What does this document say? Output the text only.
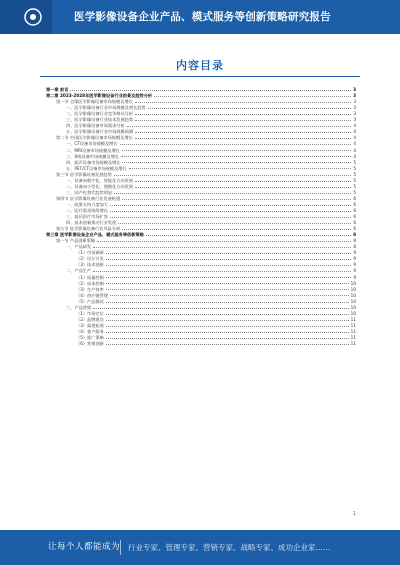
医学影像设备企业产品、模式服务等创新策略研究报告
内容目录
第一章 前言	3
第二章 2023-2028年医学影像设备行业前景及趋势分析	3
第一节 全球医学影像设备市场规模及增长	3
一、医学影像设备行业市场规模及增长趋势	3
二、医学影像设备行业竞争格局分析	3
三、医学影像设备行业技术发展趋势	3
四、医学影像设备市场需求分析	4
五、医学影像设备行业市场规模预测	4
第二节 中国医学影像设备市场规模及增长	4
一、CT设备市场规模及增长	4
二、MRI设备市场规模及增长	4
三、X线设备市场规模及增长	4
四、超声设备市场规模及增长	5
五、PET/CT设备市场规模及增长	5
第三节 医学影像设备发展趋势	5
一、设备向数字化、智能化方向发展	5
二、设备向小型化、便携化方向发展	5
三、国产化替代趋势明显	5
第四节 医学影像设备行业发展机遇	6
一、政策支持力度加大	6
二、医疗需求持续增长	6
三、基层医疗市场扩容	6
四、技术创新推动行业发展	6
第五节 医学影像设备行业风险分析	6
第三章 医学影像设备企业产品、模式服务等创新策略	8
第一节 产品创新策略	8
一、产品研发	8
（1）市场调研	9
（2）设计开发	9
（3）技术创新	9
二、产品生产	9
（1）质量控制	9
（2）成本控制	10
（3）生产效率	10
（4）供应链管理	10
（5）产品测试	10
三、产品营销	10
（1）市场定位	10
（2）品牌建设	11
（3）渠道拓展	11
（4）客户服务	11
（5）推广策略	11
（6）营销创新	11
1
让每个人都能成为 行业专家、管理专家、营销专家、战略专家、成功企业家……
